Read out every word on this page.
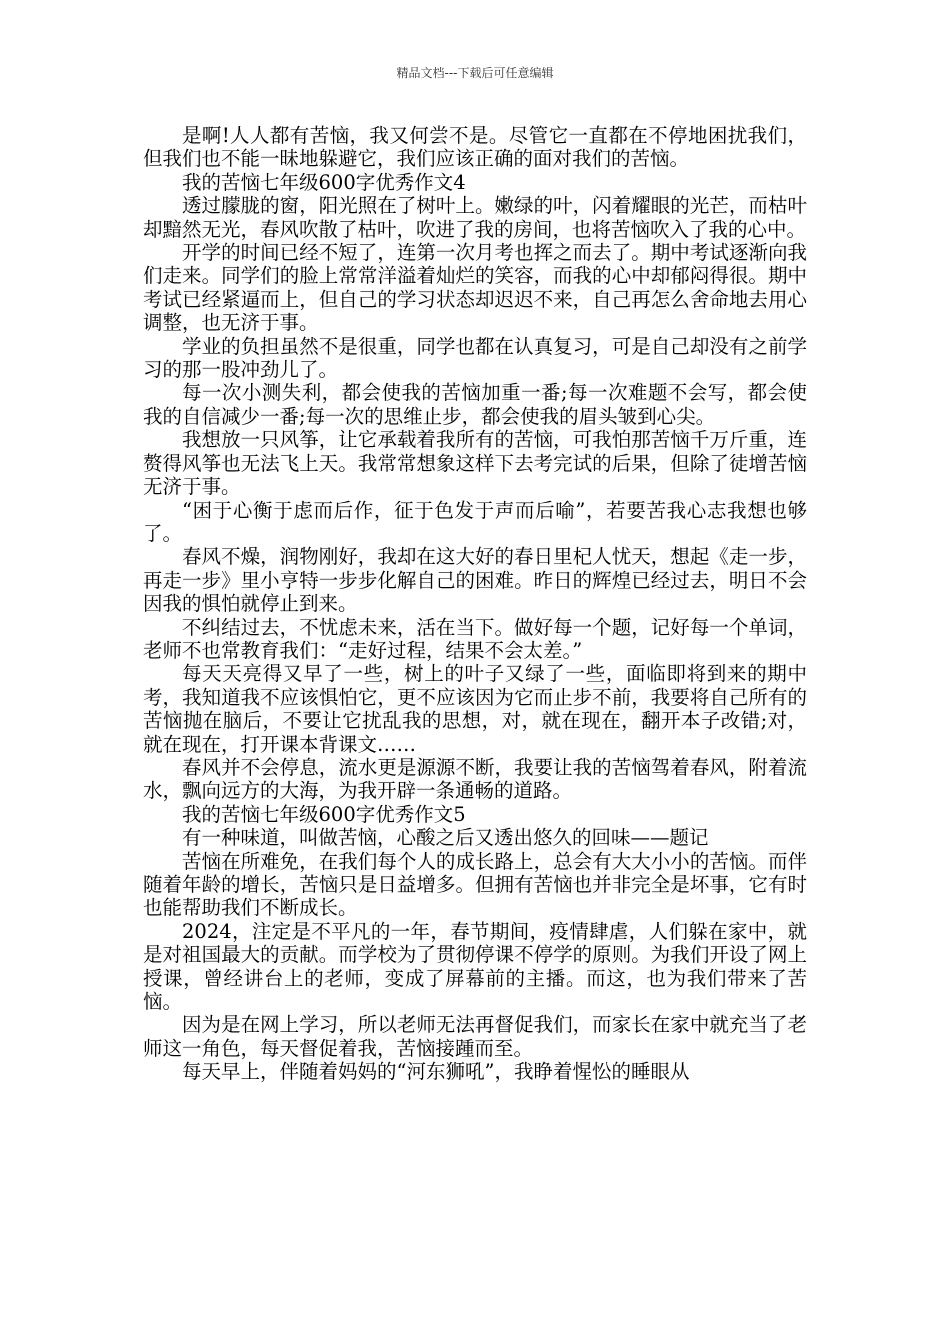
精品文档---下载后可任意编辑

是啊!人人都有苦恼，我又何尝不是。尽管它一直都在不停地困扰我们，但我们也不能一昧地躲避它，我们应该正确的面对我们的苦恼。

我的苦恼七年级600字优秀作文4

透过朦胧的窗，阳光照在了树叶上。嫩绿的叶，闪着耀眼的光芒，而枯叶却黯然无光，春风吹散了枯叶，吹进了我的房间，也将苦恼吹入了我的心中。

开学的时间已经不短了，连第一次月考也挥之而去了。期中考试逐渐向我们走来。同学们的脸上常常洋溢着灿烂的笑容，而我的心中却郁闷得很。期中考试已经紧逼而上，但自己的学习状态却迟迟不来，自己再怎么舍命地去用心调整，也无济于事。

学业的负担虽然不是很重，同学也都在认真复习，可是自己却没有之前学习的那一股冲劲儿了。

每一次小测失利，都会使我的苦恼加重一番;每一次难题不会写，都会使我的自信减少一番;每一次的思维止步，都会使我的眉头皱到心尖。

我想放一只风筝，让它承载着我所有的苦恼，可我怕那苦恼千万斤重，连赘得风筝也无法飞上天。我常常想象这样下去考完试的后果，但除了徒增苦恼无济于事。

“困于心衡于虑而后作，征于色发于声而后喻”，若要苦我心志我想也够了。

春风不燥，润物刚好，我却在这大好的春日里杞人忧天，想起《走一步，再走一步》里小亨特一步步化解自己的困难。昨日的辉煌已经过去，明日不会因我的惧怕就停止到来。

不纠结过去，不忧虑未来，活在当下。做好每一个题，记好每一个单词，老师不也常教育我们：“走好过程，结果不会太差。”

每天天亮得又早了一些，树上的叶子又绿了一些，面临即将到来的期中考，我知道我不应该惧怕它，更不应该因为它而止步不前，我要将自己所有的苦恼抛在脑后，不要让它扰乱我的思想，对，就在现在，翻开本子改错;对，就在现在，打开课本背课文……

春风并不会停息，流水更是源源不断，我要让我的苦恼驾着春风，附着流水，飘向远方的大海，为我开辟一条通畅的道路。

我的苦恼七年级600字优秀作文5

有一种味道，叫做苦恼，心酸之后又透出悠久的回味——题记

苦恼在所难免，在我们每个人的成长路上，总会有大大小小的苦恼。而伴随着年龄的增长，苦恼只是日益增多。但拥有苦恼也并非完全是坏事，它有时也能帮助我们不断成长。

2024，注定是不平凡的一年，春节期间，疫情肆虐，人们躲在家中，就是对祖国最大的贡献。而学校为了贯彻停课不停学的原则。为我们开设了网上授课，曾经讲台上的老师，变成了屏幕前的主播。而这，也为我们带来了苦恼。

因为是在网上学习，所以老师无法再督促我们，而家长在家中就充当了老师这一角色，每天督促着我，苦恼接踵而至。

每天早上，伴随着妈妈的“河东狮吼”，我睁着惺忪的睡眼从
